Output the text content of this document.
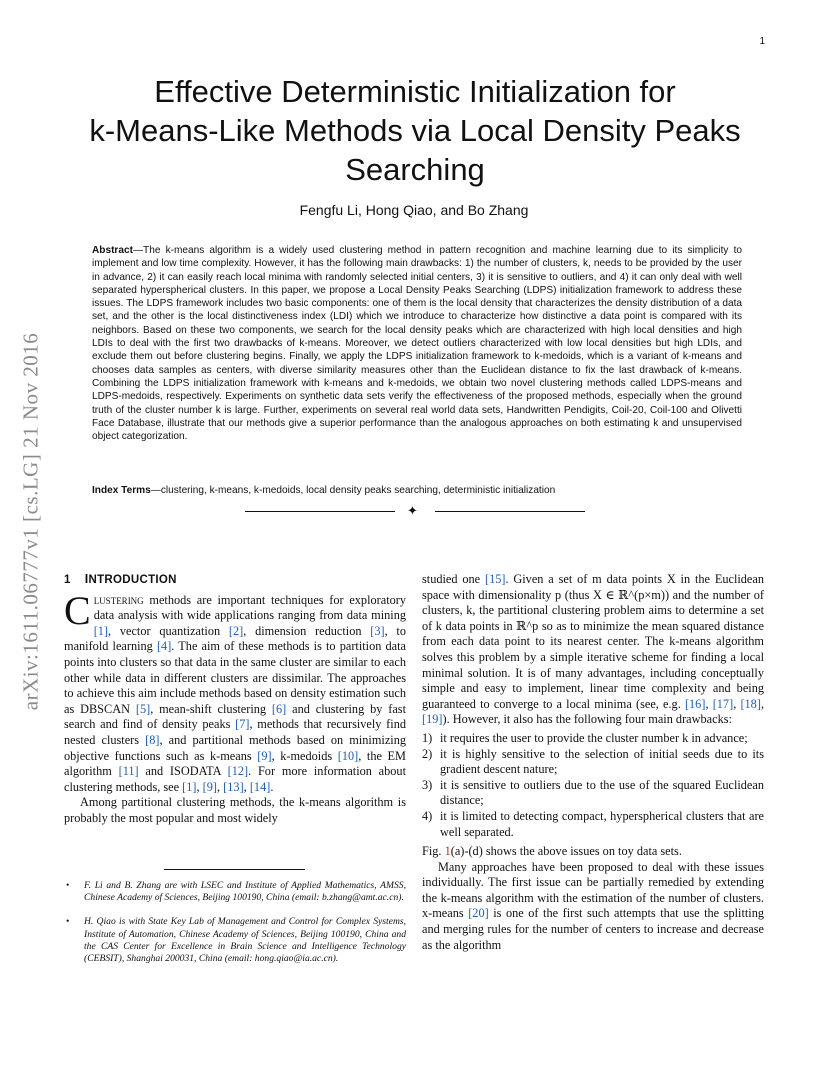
1
arXiv:1611.06777v1 [cs.LG] 21 Nov 2016
Effective Deterministic Initialization for
k-Means-Like Methods via Local Density Peaks
Searching
Fengfu Li, Hong Qiao, and Bo Zhang
Abstract—The k-means algorithm is a widely used clustering method in pattern recognition and machine learning due to its simplicity to implement and low time complexity. However, it has the following main drawbacks: 1) the number of clusters, k, needs to be provided by the user in advance, 2) it can easily reach local minima with randomly selected initial centers, 3) it is sensitive to outliers, and 4) it can only deal with well separated hyperspherical clusters. In this paper, we propose a Local Density Peaks Searching (LDPS) initialization framework to address these issues. The LDPS framework includes two basic components: one of them is the local density that characterizes the density distribution of a data set, and the other is the local distinctiveness index (LDI) which we introduce to characterize how distinctive a data point is compared with its neighbors. Based on these two components, we search for the local density peaks which are characterized with high local densities and high LDIs to deal with the first two drawbacks of k-means. Moreover, we detect outliers characterized with low local densities but high LDIs, and exclude them out before clustering begins. Finally, we apply the LDPS initialization framework to k-medoids, which is a variant of k-means and chooses data samples as centers, with diverse similarity measures other than the Euclidean distance to fix the last drawback of k-means. Combining the LDPS initialization framework with k-means and k-medoids, we obtain two novel clustering methods called LDPS-means and LDPS-medoids, respectively. Experiments on synthetic data sets verify the effectiveness of the proposed methods, especially when the ground truth of the cluster number k is large. Further, experiments on several real world data sets, Handwritten Pendigits, Coil-20, Coil-100 and Olivetti Face Database, illustrate that our methods give a superior performance than the analogous approaches on both estimating k and unsupervised object categorization.
Index Terms—clustering, k-means, k-medoids, local density peaks searching, deterministic initialization
✦
1 INTRODUCTION

Clustering methods are important techniques for exploratory data analysis with wide applications ranging from data mining [1], vector quantization [2], dimension reduction [3], to manifold learning [4]. The aim of these methods is to partition data points into clusters so that data in the same cluster are similar to each other while data in different clusters are dissimilar. The approaches to achieve this aim include methods based on density estimation such as DBSCAN [5], mean-shift clustering [6] and clustering by fast search and find of density peaks [7], methods that recursively find nested clusters [8], and partitional methods based on minimizing objective functions such as k-means [9], k-medoids [10], the EM algorithm [11] and ISODATA [12]. For more information about clustering methods, see [1], [9], [13], [14].

Among partitional clustering methods, the k-means algorithm is probably the most popular and most widely

studied one [15]. Given a set of m data points X in the Euclidean space with dimensionality p (thus X ∈ ℝ^(p×m)) and the number of clusters, k, the partitional clustering problem aims to determine a set of k data points in ℝ^p so as to minimize the mean squared distance from each data point to its nearest center. The k-means algorithm solves this problem by a simple iterative scheme for finding a local minimal solution. It is of many advantages, including conceptually simple and easy to implement, linear time complexity and being guaranteed to converge to a local minima (see, e.g. [16], [17], [18], [19]). However, it also has the following four main drawbacks:

1) it requires the user to provide the cluster number k in advance;
2) it is highly sensitive to the selection of initial seeds due to its gradient descent nature;
3) it is sensitive to outliers due to the use of the squared Euclidean distance;
4) it is limited to detecting compact, hyperspherical clusters that are well separated.

Fig. 1(a)-(d) shows the above issues on toy data sets.

Many approaches have been proposed to deal with these issues individually. The first issue can be partially remedied by extending the k-means algorithm with the estimation of the number of clusters. x-means [20] is one of the first such attempts that use the splitting and merging rules for the number of centers to increase and decrease as the algorithm

• F. Li and B. Zhang are with LSEC and Institute of Applied Mathematics, AMSS, Chinese Academy of Sciences, Beijing 100190, China (email: b.zhang@amt.ac.cn).
• H. Qiao is with State Key Lab of Management and Control for Complex Systems, Institute of Automation, Chinese Academy of Sciences, Beijing 100190, China and the CAS Center for Excellence in Brain Science and Intelligence Technology (CEBSIT), Shanghai 200031, China (email: hong.qiao@ia.ac.cn).
